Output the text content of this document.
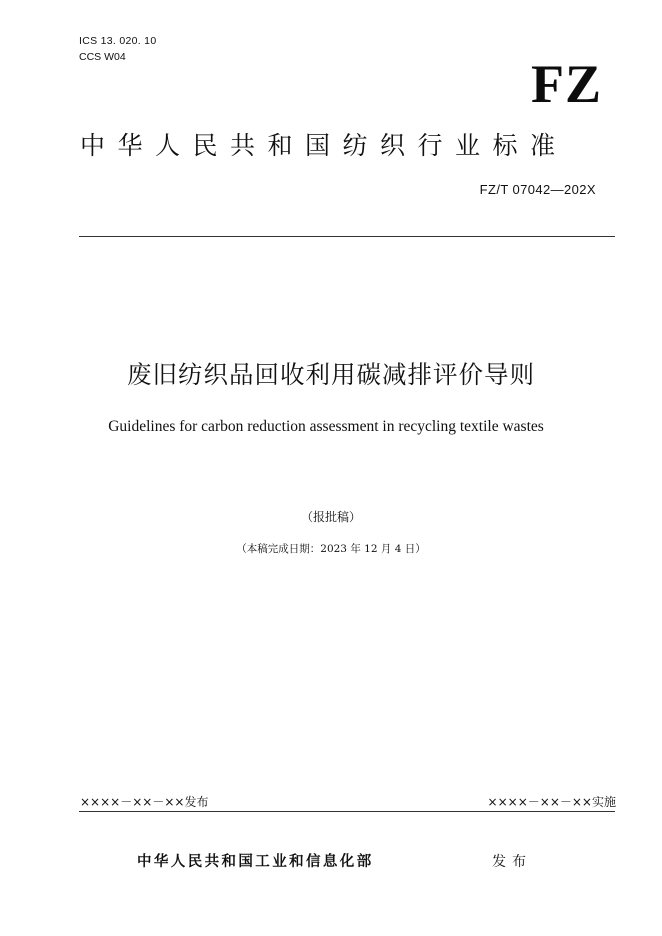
ICS 13. 020. 10
CCS W04	FZ
中华人民共和国纺织行业标准
FZ/T 07042—202X
废旧纺织品回收利用碳减排评价导则
Guidelines for carbon reduction assessment in recycling textile wastes
（报批稿）
（本稿完成日期：2023 年 12 月 4 日）
××××－××－××发布	××××－××－××实施
中华人民共和国工业和信息化部	发布
